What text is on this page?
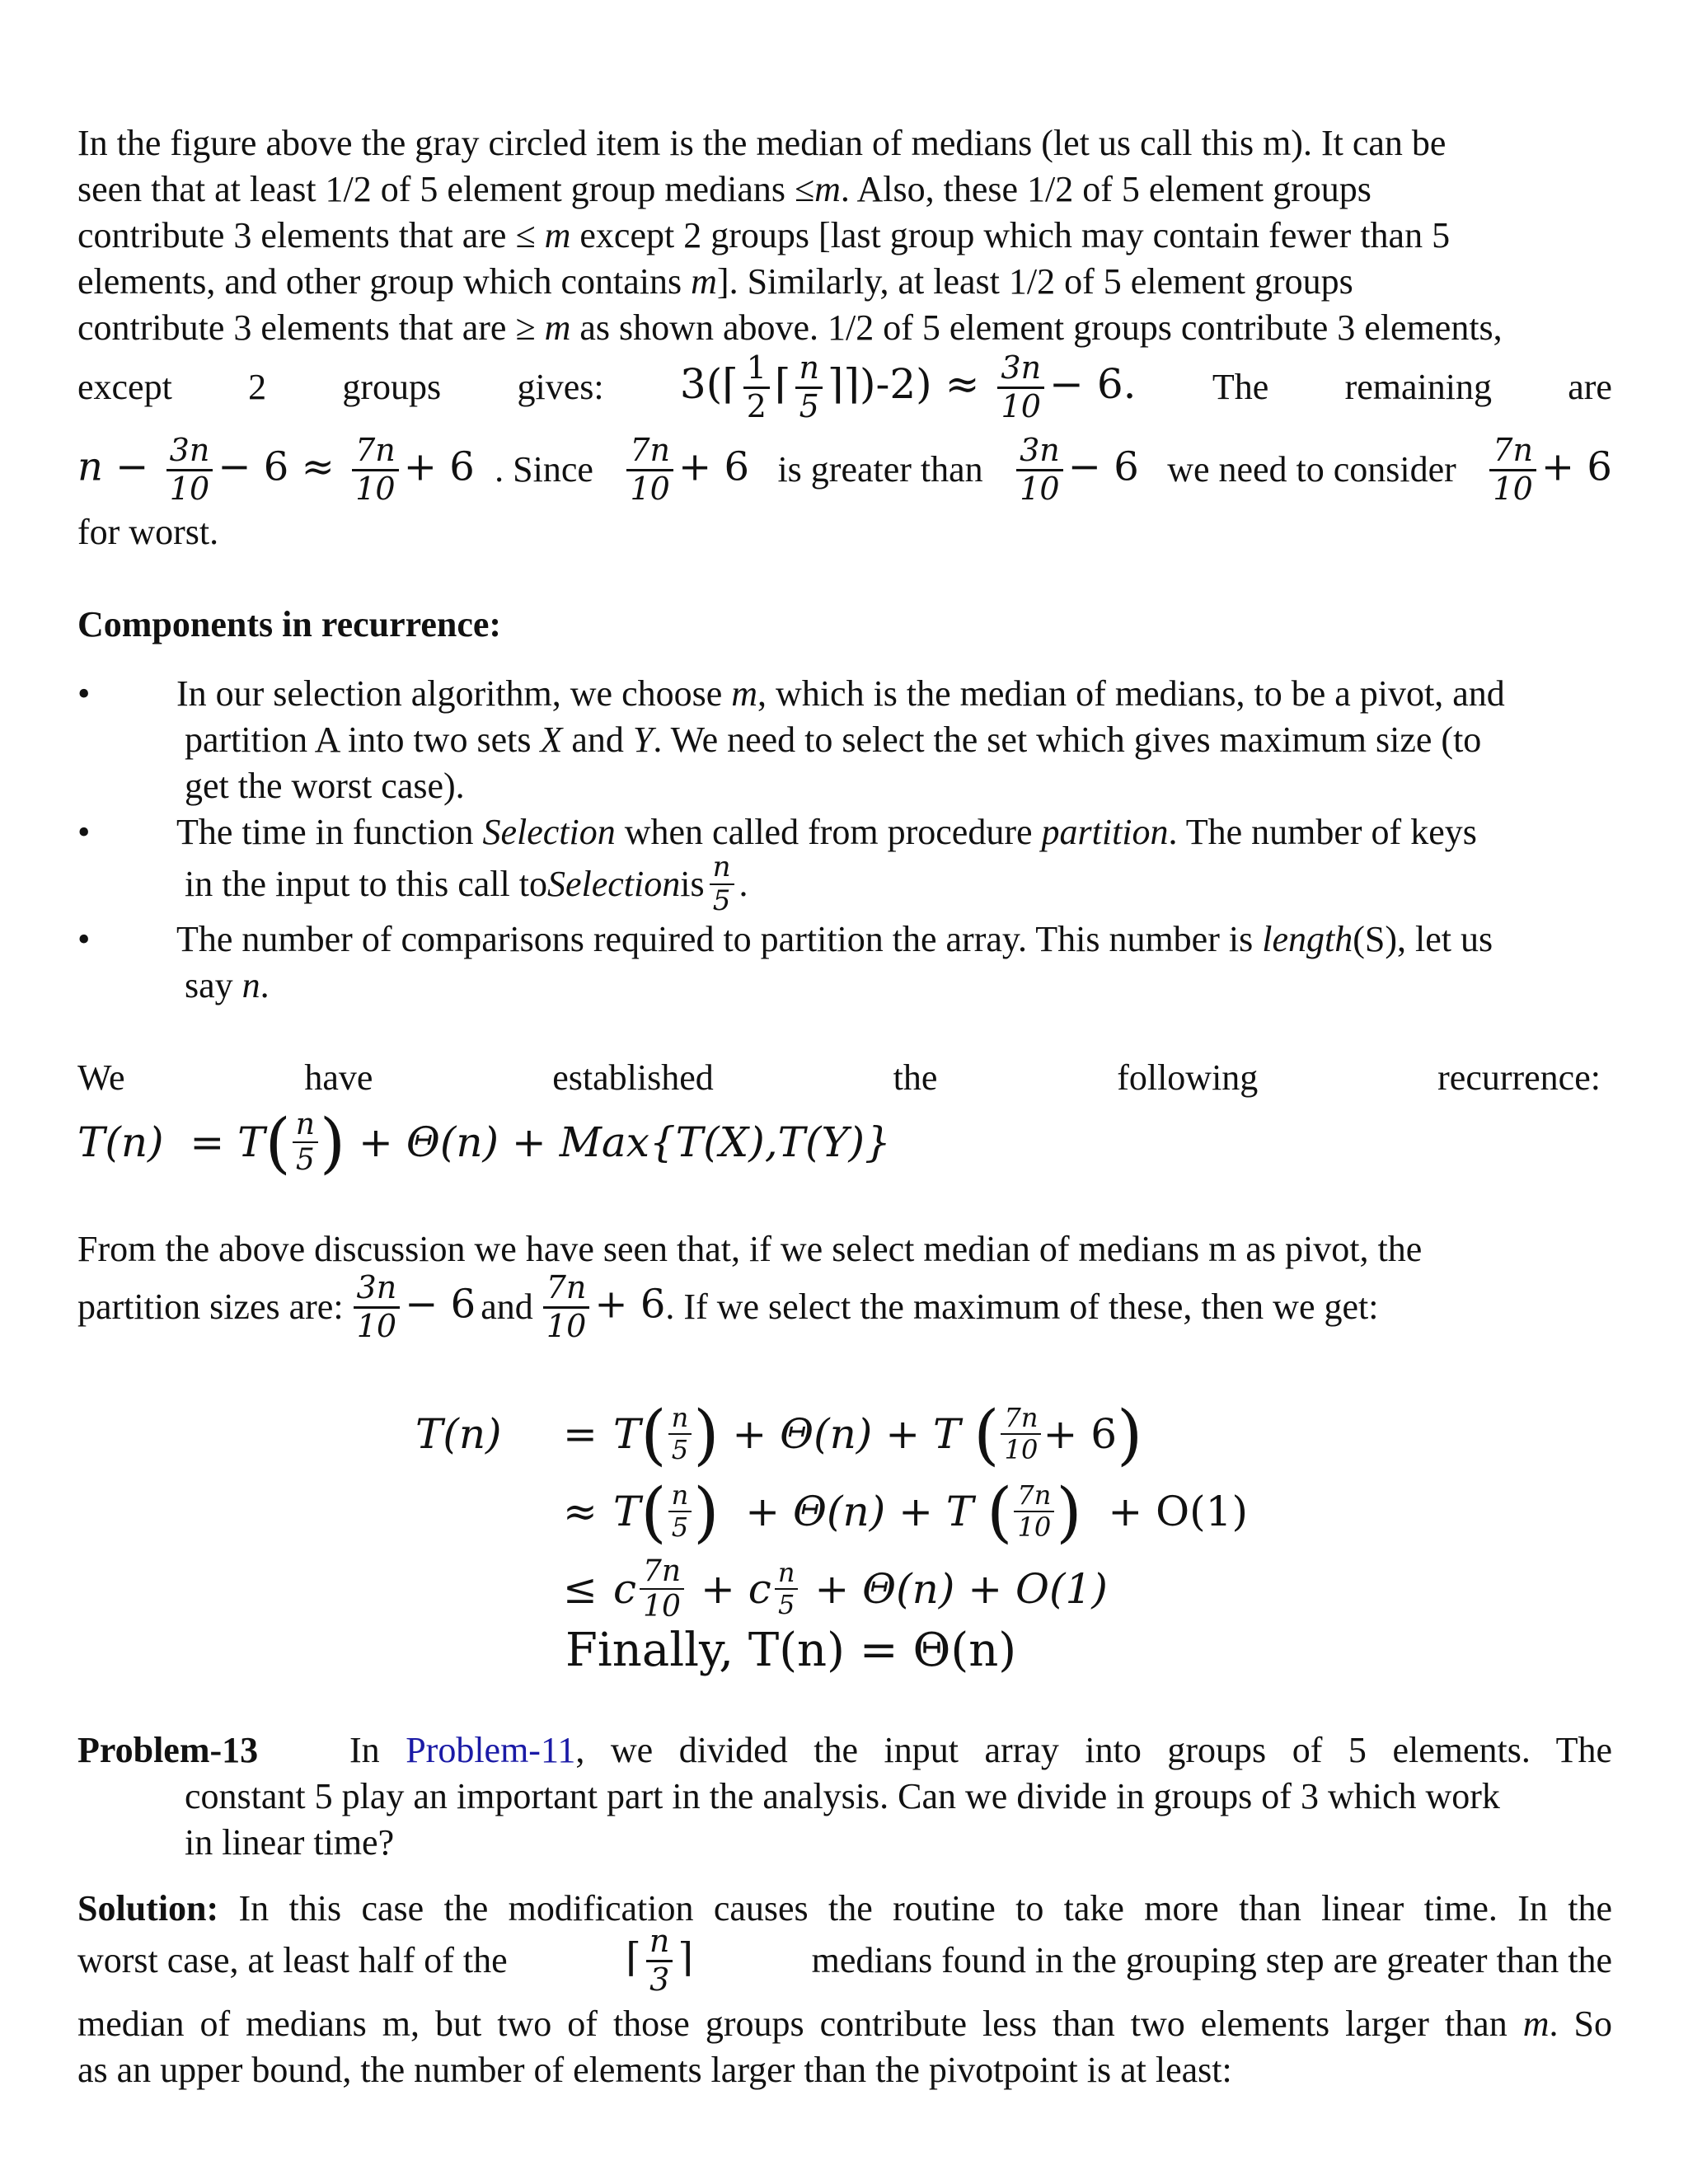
In the figure above the gray circled item is the median of medians (let us call this m). It can be
seen that at least 1/2 of 5 element group medians ≤m. Also, these 1/2 of 5 element groups
contribute 3 elements that are ≤ m except 2 groups [last group which may contain fewer than 5
elements, and other group which contains m]. Similarly, at least 1/2 of 5 element groups
contribute 3 elements that are ≥ m as shown above. 1/2 of 5 element groups contribute 3 elements,
except 2 groups gives: 3(⌈ $\frac{1}{2}$ ⌈ $\frac{n}{5}$ ⌉⌉)-2) ≈ $\frac{3n}{10} - 6$. The remaining are
$n - \frac{3n}{10} - 6 \approx \frac{7n}{10} + 6$ . Since $\frac{7n}{10} + 6$ is greater than $\frac{3n}{10} - 6$ we need to consider $\frac{7n}{10} + 6$
for worst.
Components in recurrence:
• In our selection algorithm, we choose m, which is the median of medians, to be a pivot, and
partition A into two sets X and Y. We need to select the set which gives maximum size (to
get the worst case).
• The time in function Selection when called from procedure partition. The number of keys
in the input to this call to Selection is $\frac{n}{5}$ .
• The number of comparisons required to partition the array. This number is length(S), let us
say n.
We	have	established	the	following	recurrence:
T(n)
= T ( $\frac{n}{5}$ )
+ Θ(n) + Max{T(X),T(Y)}
From the above discussion we have seen that, if we select median of medians m as pivot, the
partition sizes are: $\frac{3n}{10} - 6$ and $\frac{7n}{10} + 6$ . If we select the maximum of these, then we get:
T(n)	= T ( $\frac{n}{5}$ )
+ Θ(n) + T
( $\frac{7n}{10} + 6$ )
≈ T ( $\frac{n}{5}$ )
+ Θ(n) + T
( $\frac{7n}{10}$ )
+ O(1)
≤ c $\frac{7n}{10}$
+ c $\frac{n}{5}$
+ Θ(n) + O(1)
Finally, T(n) = Θ(n)
Problem-13	In Problem-11, we divided the input array into groups of 5 elements. The
constant 5 play an important part in the analysis. Can we divide in groups of 3 which work
in linear time?
Solution: In this case the modification causes the routine to take more than linear time. In the
worst case, at least half of the	⌈ $\frac{n}{3}$ ⌉	medians found in the grouping step are greater than the
median of medians m, but two of those groups contribute less than two elements larger than m. So
as an upper bound, the number of elements larger than the pivotpoint is at least:
